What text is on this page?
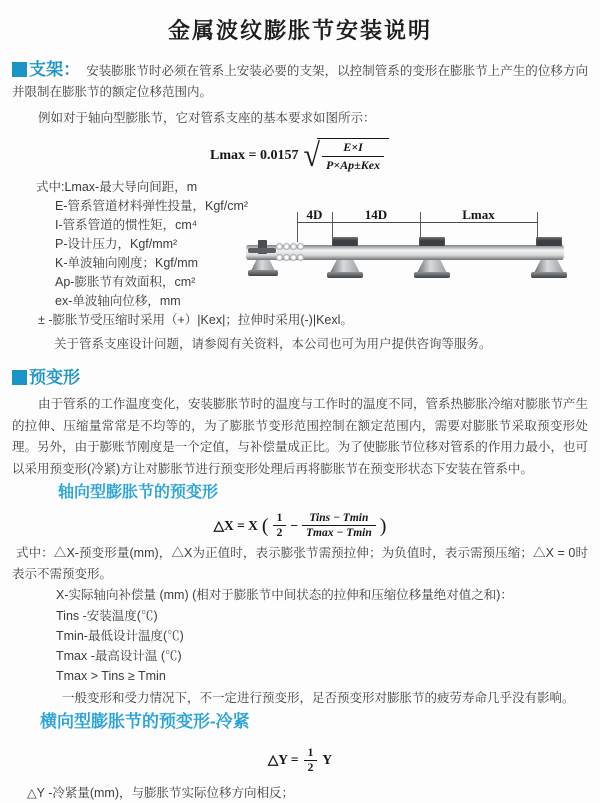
金属波纹膨胀节安装说明

支架： 安装膨胀节时必须在管系上安装必要的支架，以控制管系的变形在膨胀节上产生的位移方向并限制在膨胀节的额定位移范围内。

例如对于轴向型膨胀节，它对管系支座的基本要求如图所示：

Lmax = 0.0157 √ $\frac{E\times I}{\text{P×Ap±Kex}}$

式中:Lmax-最大导向间距，m

E-管系管道材料弹性投量，Kgf/cm²

I-管系管道的惯性矩，cm⁴

P-设计压力，Kgf/mm²

K-单波轴向刚度；Kgf/mm

Ap-膨胀节有效面积，cm²

ex-单波轴向位移，mm

± -膨胀节受压缩时采用（+）|Kex|；拉伸时采用(-)|Kexl。

关于管系支座设计问题，请参阅有关资料，本公司也可为用户提供咨询等服务。

预变形

由于管系的工作温度变化，安装膨胀节时的温度与工作时的温度不同，管系热膨胀冷缩对膨胀节产生的拉伸、压缩量常常是不均等的，为了膨胀节变形范围控制在额定范围内，需要对膨胀节采取预变形处理。另外，由于膨账节刚度是一个定值，与补偿量成正比。为了使膨胀节位移对管系的作用力最小，也可以采用预变形(冷紧)方让对膨胀节进行预变形处理后再将膨胀节在预变形状态下安装在管系中。

轴向型膨胀节的预变形

△X = X ( $\frac{1}{2} - \frac{\text{Tins − Tmin}}{Tmax - Tmin}$ )

式中：△X-预变形量(mm)，△X为正值时，表示膨张节需预拉伸；为负值时，表示需预压缩；△X = 0时表示不需预变形。

X-实际轴向补偿量 (mm) (相对于膨胀节中间状态的拉伸和压缩位移量绝对值之和)：

Tins -安装温度(℃)

Tmin-最低设计温度(℃)

Tmax -最高设计温 (℃)

Tmax > Tins ≥ Tmin

一般变形和受力情况下，不一定进行预变形，足否预变形对膨胀节的疲劳寿命几乎没有影响。

横向型膨胀节的预变形-冷紧

△Y = $\frac{1}{2}$ Y

△Y -冷紧量(mm)，与膨胀节实际位移方向相反；

4D	14D	Lmax
